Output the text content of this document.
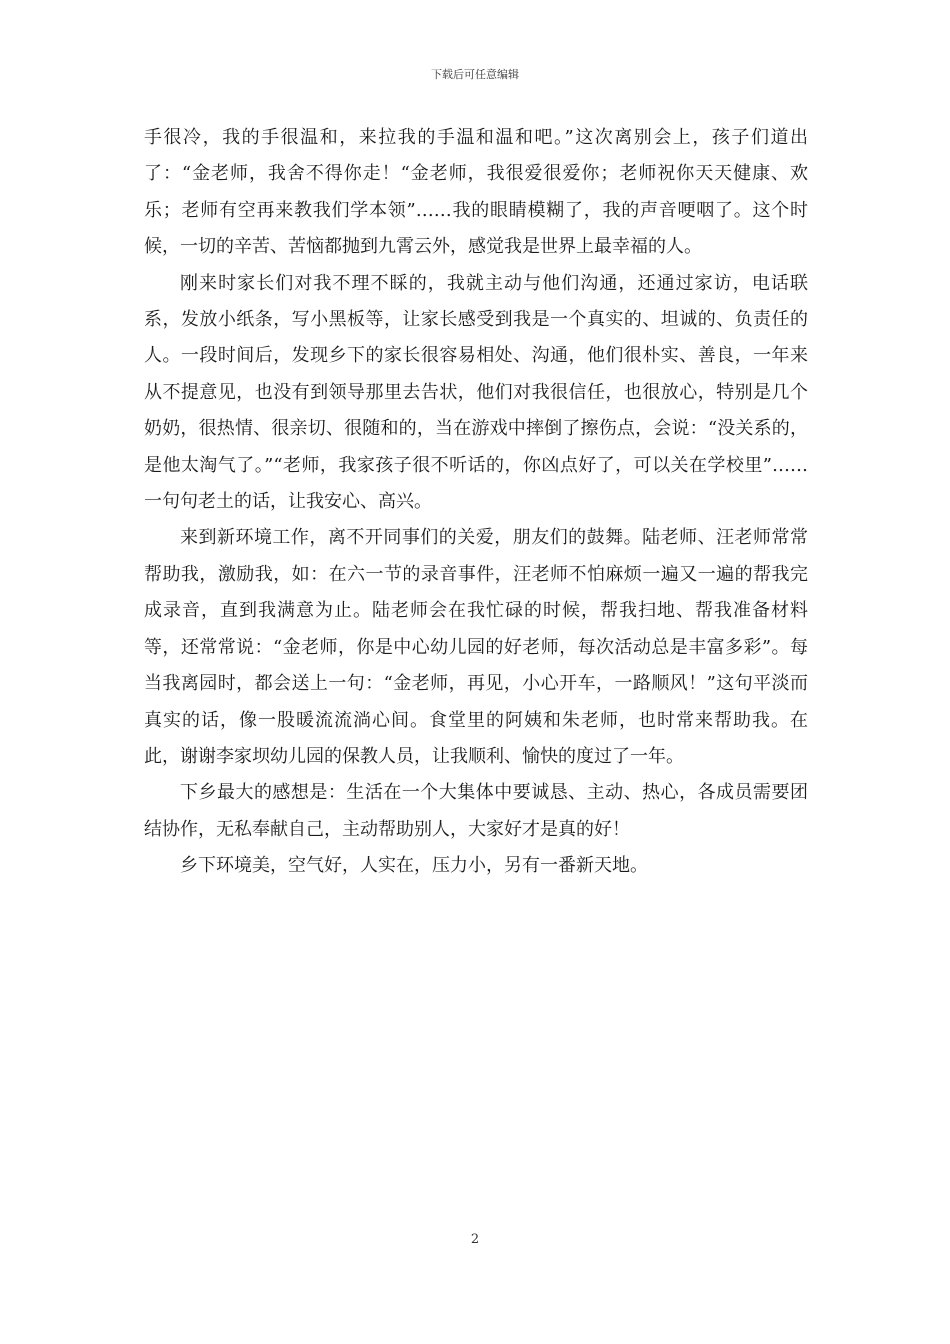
下载后可任意编辑

手很冷，我的手很温和，来拉我的手温和温和吧。”这次离别会上，孩子们道出了：“金老师，我舍不得你走！“金老师，我很爱很爱你；老师祝你天天健康、欢乐；老师有空再来教我们学本领”……我的眼睛模糊了，我的声音哽咽了。这个时候，一切的辛苦、苦恼都抛到九霄云外，感觉我是世界上最幸福的人。

刚来时家长们对我不理不睬的，我就主动与他们沟通，还通过家访，电话联系，发放小纸条，写小黑板等，让家长感受到我是一个真实的、坦诚的、负责任的人。一段时间后，发现乡下的家长很容易相处、沟通，他们很朴实、善良，一年来从不提意见，也没有到领导那里去告状，他们对我很信任，也很放心，特别是几个奶奶，很热情、很亲切、很随和的，当在游戏中摔倒了擦伤点，会说：“没关系的，是他太淘气了。”“老师，我家孩子很不听话的，你凶点好了，可以关在学校里”……一句句老土的话，让我安心、高兴。

来到新环境工作，离不开同事们的关爱，朋友们的鼓舞。陆老师、汪老师常常帮助我，激励我，如：在六一节的录音事件，汪老师不怕麻烦一遍又一遍的帮我完成录音，直到我满意为止。陆老师会在我忙碌的时候，帮我扫地、帮我准备材料等，还常常说：“金老师，你是中心幼儿园的好老师，每次活动总是丰富多彩”。每当我离园时，都会送上一句：“金老师，再见，小心开车，一路顺风！”这句平淡而真实的话，像一股暖流流淌心间。食堂里的阿姨和朱老师，也时常来帮助我。在此，谢谢李家坝幼儿园的保教人员，让我顺利、愉快的度过了一年。

下乡最大的感想是：生活在一个大集体中要诚恳、主动、热心，各成员需要团结协作，无私奉献自己，主动帮助别人，大家好才是真的好！

乡下环境美，空气好，人实在，压力小，另有一番新天地。

2
